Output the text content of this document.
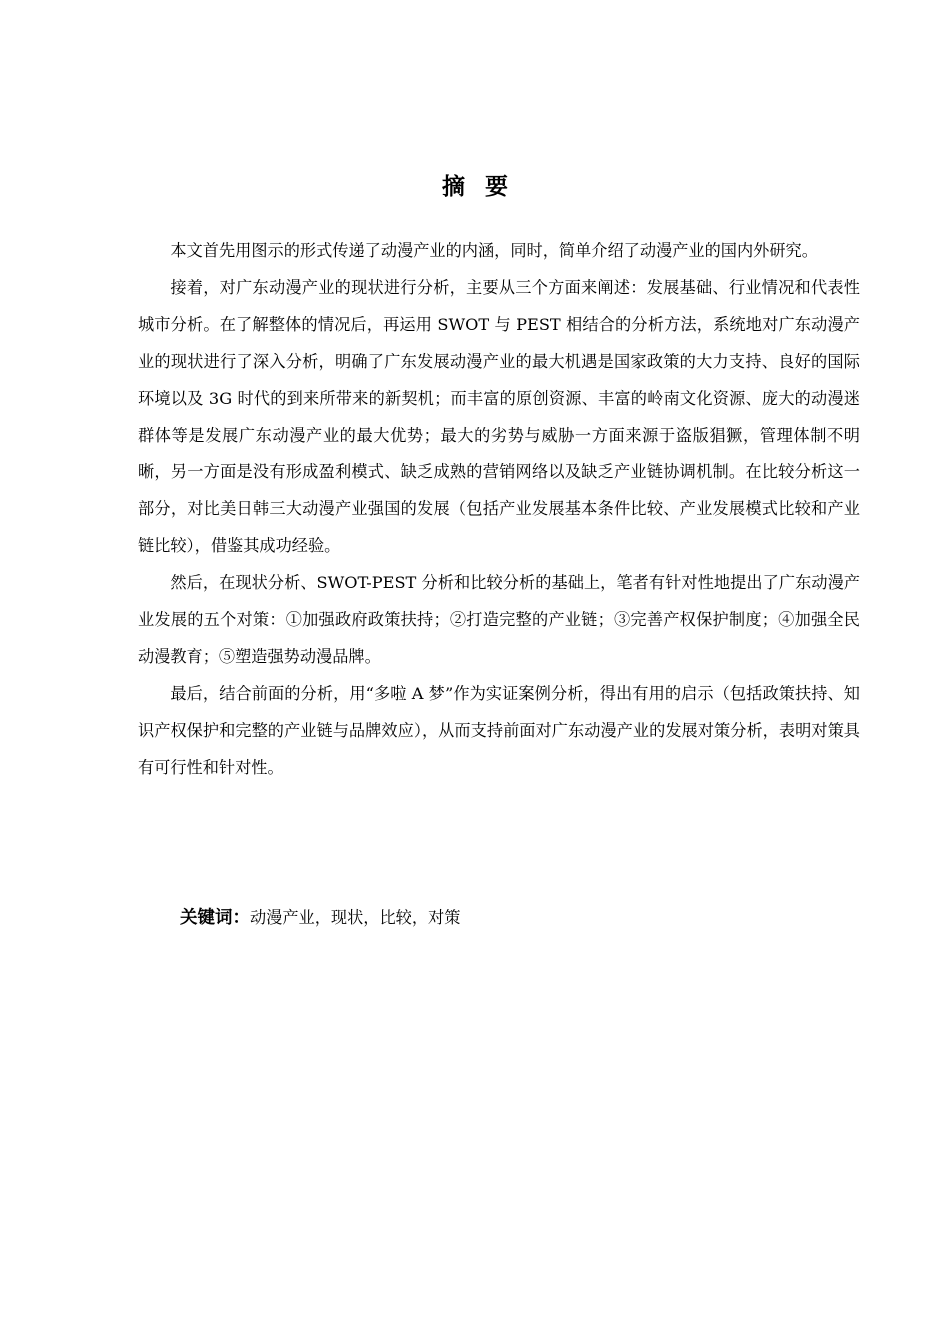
摘要

本文首先用图示的形式传递了动漫产业的内涵，同时，简单介绍了动漫产业的国内外研究。

接着，对广东动漫产业的现状进行分析，主要从三个方面来阐述：发展基础、行业情况和代表性城市分析。在了解整体的情况后，再运用 SWOT 与 PEST 相结合的分析方法，系统地对广东动漫产业的现状进行了深入分析，明确了广东发展动漫产业的最大机遇是国家政策的大力支持、良好的国际环境以及 3G 时代的到来所带来的新契机；而丰富的原创资源、丰富的岭南文化资源、庞大的动漫迷群体等是发展广东动漫产业的最大优势；最大的劣势与威胁一方面来源于盗版猖獗，管理体制不明晰，另一方面是没有形成盈利模式、缺乏成熟的营销网络以及缺乏产业链协调机制。在比较分析这一部分，对比美日韩三大动漫产业强国的发展（包括产业发展基本条件比较、产业发展模式比较和产业链比较），借鉴其成功经验。

然后，在现状分析、SWOT-PEST 分析和比较分析的基础上，笔者有针对性地提出了广东动漫产业发展的五个对策：①加强政府政策扶持；②打造完整的产业链；③完善产权保护制度；④加强全民动漫教育；⑤塑造强势动漫品牌。

最后，结合前面的分析，用“多啦 A 梦”作为实证案例分析，得出有用的启示（包括政策扶持、知识产权保护和完整的产业链与品牌效应），从而支持前面对广东动漫产业的发展对策分析，表明对策具有可行性和针对性。

关键词：动漫产业，现状，比较，对策
